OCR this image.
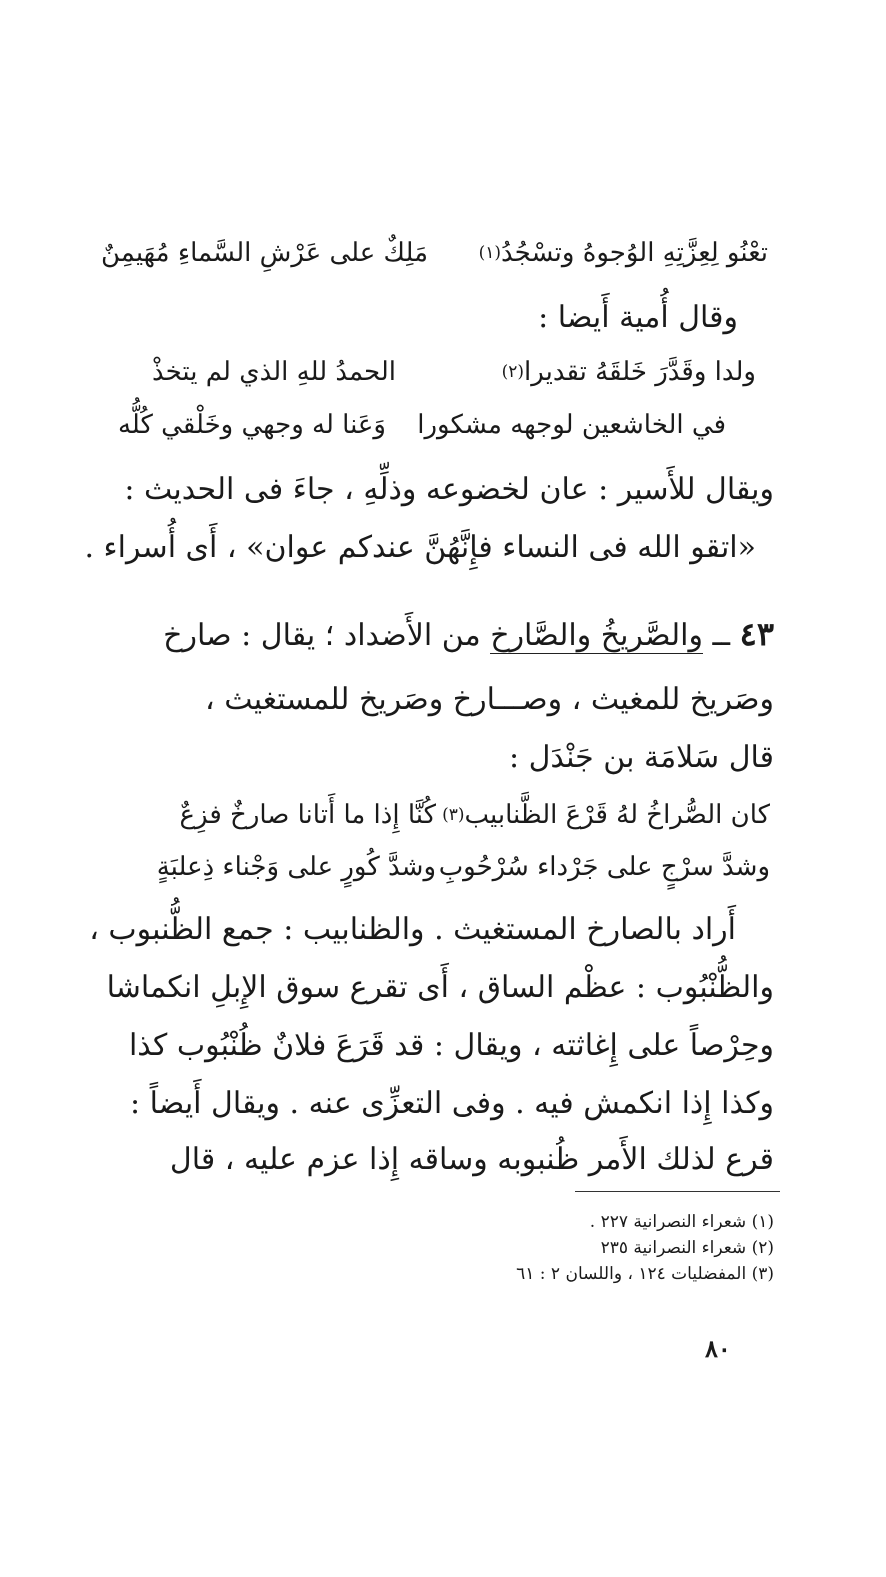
مَلِكٌ على عَرْشِ السَّماءِ مُهَيمِنٌ	تعْنُو لِعِزَّتِهِ الوُجوهُ وتسْجُدُ$^{(١)}$
وقال أُمية أَيضا :
الحمدُ للهِ الذي لم يتخذْ	ولدا وقَدَّرَ خَلقَهُ تقديرا$^{(٢)}$
وَعَنا له وجهي وخَلْقي كُلُّه في الخاشعين لوجهه مشكورا
ويقال للأَسير : عان لخضوعه وذلِّهِ ، جاءَ فى الحديث :
«اتقو الله فى النساء فإِنَّهُنَّ عندكم عوان» ، أَى أُسراء .
٤٣ ــ والصَّريخُ والصَّارخ من الأَضداد ؛ يقال : صارخ
وصَريخ للمغيث ، وصـــارخ وصَريخ للمستغيث ،
قال سَلامَة بن جَنْدَل :
كُنَّا إِذا ما أَتانا صارخٌ فزِعٌ	كان الصُّراخُ لهُ قَرْعَ الظَّنابيب$^{(٣)}$
وشدَّ كُورٍ على وَجْناء ذِعلبَةٍ وشدَّ سرْجٍ على جَرْداء سُرْحُوبِ
أَراد بالصارخ المستغيث . والظنابيب : جمع الظُّنبوب ،
والظُّنْبُوب : عظْم الساق ، أَى تقرع سوق الإِبلِ انكماشا
وحِرْصاً على إِغاثته ، ويقال : قد قَرَعَ فلانٌ ظُنْبُوب كذا
وكذا إِذا انكمش فيه . وفى التعزِّى عنه . ويقال أَيضاً :
قرع لذلك الأَمر ظُنبوبه وساقه إِذا عزم عليه ، قال
(١) شعراء النصرانية ٢٢٧ .
(٢) شعراء النصرانية ٢٣٥
(٣) المفضليات ١٢٤ ، واللسان ٢ : ٦١
٨٠
